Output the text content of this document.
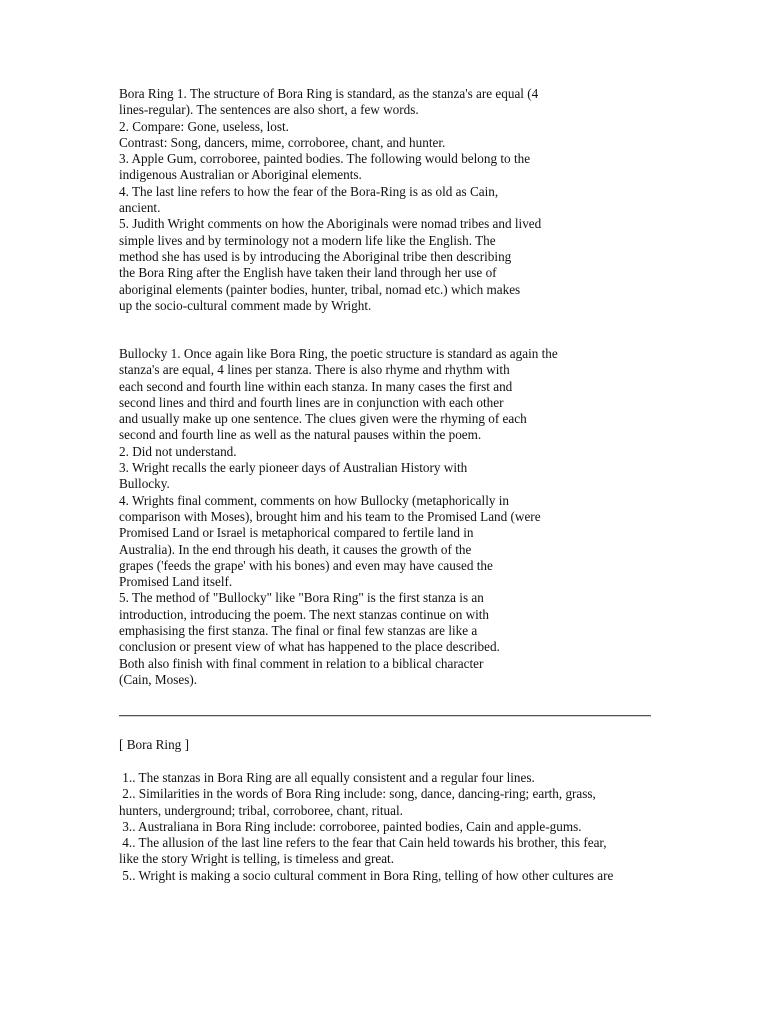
Bora Ring 1. The structure of Bora Ring is standard, as the stanza's are equal (4
lines-regular). The sentences are also short, a few words.
2. Compare: Gone, useless, lost.
Contrast: Song, dancers, mime, corroboree, chant, and hunter.
3. Apple Gum, corroboree, painted bodies. The following would belong to the
indigenous Australian or Aboriginal elements.
4. The last line refers to how the fear of the Bora-Ring is as old as Cain,
ancient.
5. Judith Wright comments on how the Aboriginals were nomad tribes and lived
simple lives and by terminology not a modern life like the English. The
method she has used is by introducing the Aboriginal tribe then describing
the Bora Ring after the English have taken their land through her use of
aboriginal elements (painter bodies, hunter, tribal, nomad etc.) which makes
up the socio-cultural comment made by Wright.
Bullocky 1. Once again like Bora Ring, the poetic structure is standard as again the
stanza's are equal, 4 lines per stanza. There is also rhyme and rhythm with
each second and fourth line within each stanza. In many cases the first and
second lines and third and fourth lines are in conjunction with each other
and usually make up one sentence. The clues given were the rhyming of each
second and fourth line as well as the natural pauses within the poem.
2. Did not understand.
3. Wright recalls the early pioneer days of Australian History with
Bullocky.
4. Wrights final comment, comments on how Bullocky (metaphorically in
comparison with Moses), brought him and his team to the Promised Land (were
Promised Land or Israel is metaphorical compared to fertile land in
Australia). In the end through his death, it causes the growth of the
grapes ('feeds the grape' with his bones) and even may have caused the
Promised Land itself.
5. The method of "Bullocky" like "Bora Ring" is the first stanza is an
introduction, introducing the poem. The next stanzas continue on with
emphasising the first stanza. The final or final few stanzas are like a
conclusion or present view of what has happened to the place described.
Both also finish with final comment in relation to a biblical character
(Cain, Moses).
[ Bora Ring ]
1.. The stanzas in Bora Ring are all equally consistent and a regular four lines.
2.. Similarities in the words of Bora Ring include: song, dance, dancing-ring; earth, grass,
hunters, underground; tribal, corroboree, chant, ritual.
3.. Australiana in Bora Ring include: corroboree, painted bodies, Cain and apple-gums.
4.. The allusion of the last line refers to the fear that Cain held towards his brother, this fear,
like the story Wright is telling, is timeless and great.
5.. Wright is making a socio cultural comment in Bora Ring, telling of how other cultures are
